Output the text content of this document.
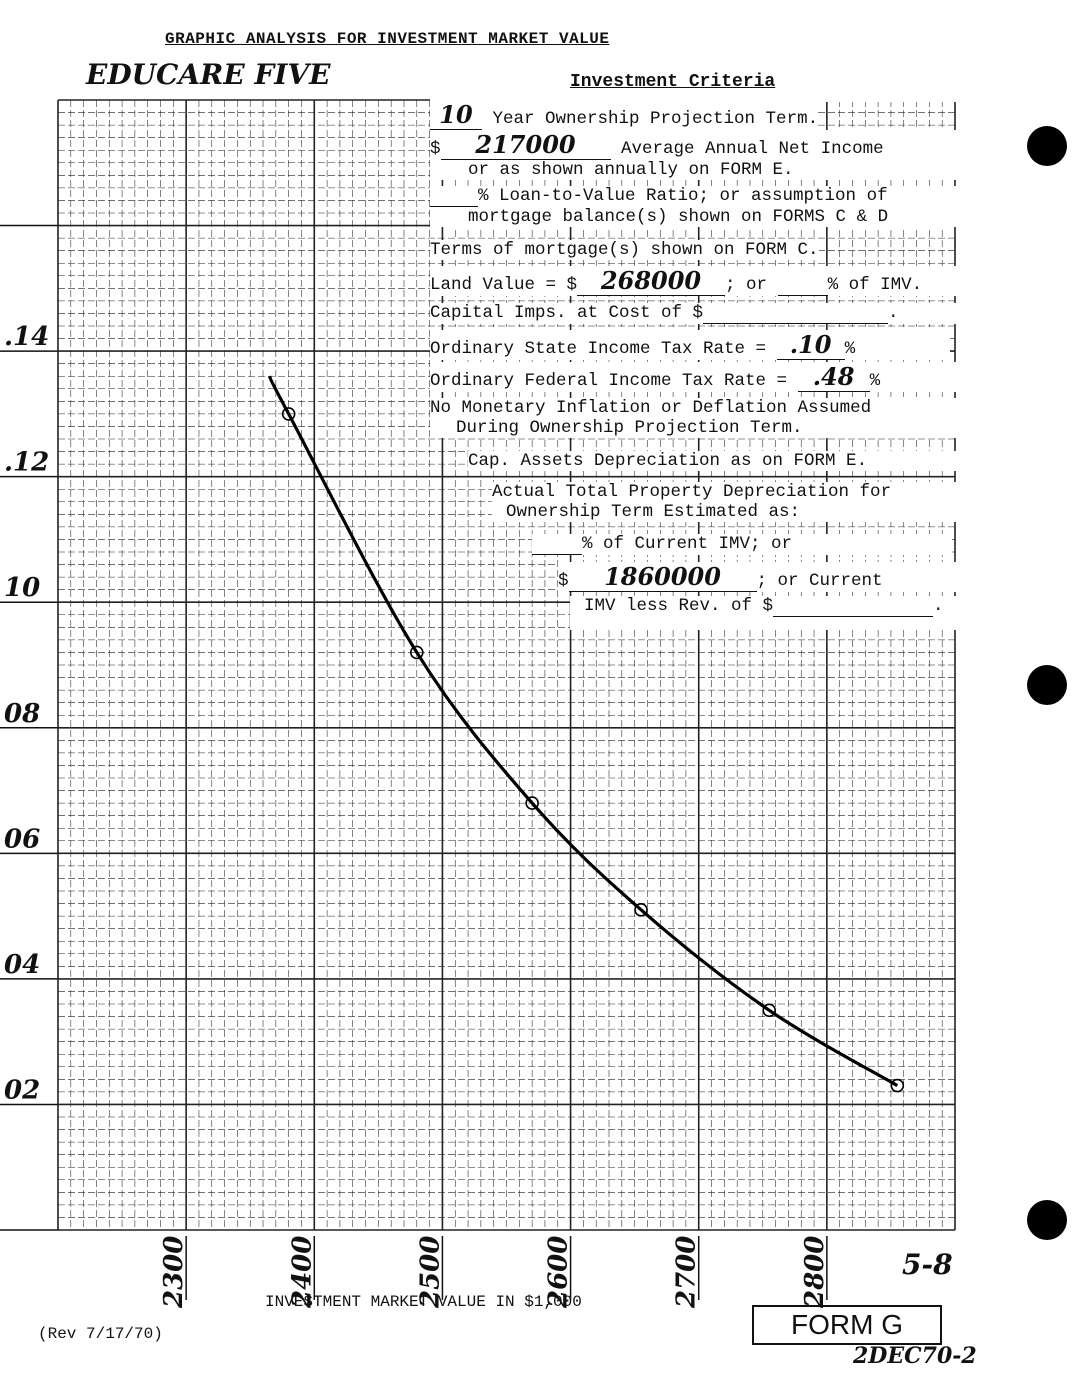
GRAPHIC ANALYSIS FOR INVESTMENT MARKET VALUE
EDUCARE FIVE
.14
.12
10
08
06
04
02
2300	2400	2500	2600	2700	2800
Investment Criteria
10 Year Ownership Projection Term.
$ 217000	Average Annual Net Income
or as shown annually on FORM E.
% Loan-to-Value Ratio; or assumption of
mortgage balance(s) shown on FORMS C & D
Terms of mortgage(s) shown on FORM C.
Land Value = $ 268000 ; or	% of IMV.
Capital Imps. at Cost of $	.
Ordinary State Income Tax Rate = .10 %
Ordinary Federal Income Tax Rate = .48 %
No Monetary Inflation or Deflation Assumed
During Ownership Projection Term.
Cap. Assets Depreciation as on FORM E.
Actual Total Property Depreciation for
Ownership Term Estimated as:
% of Current IMV; or
$ 1860000 ; or Current
IMV less Rev. of $	.
INVESTMENT MARKET VALUE IN $1,000
(Rev 7/17/70)	FORM G
2DEC70-2
5-8
